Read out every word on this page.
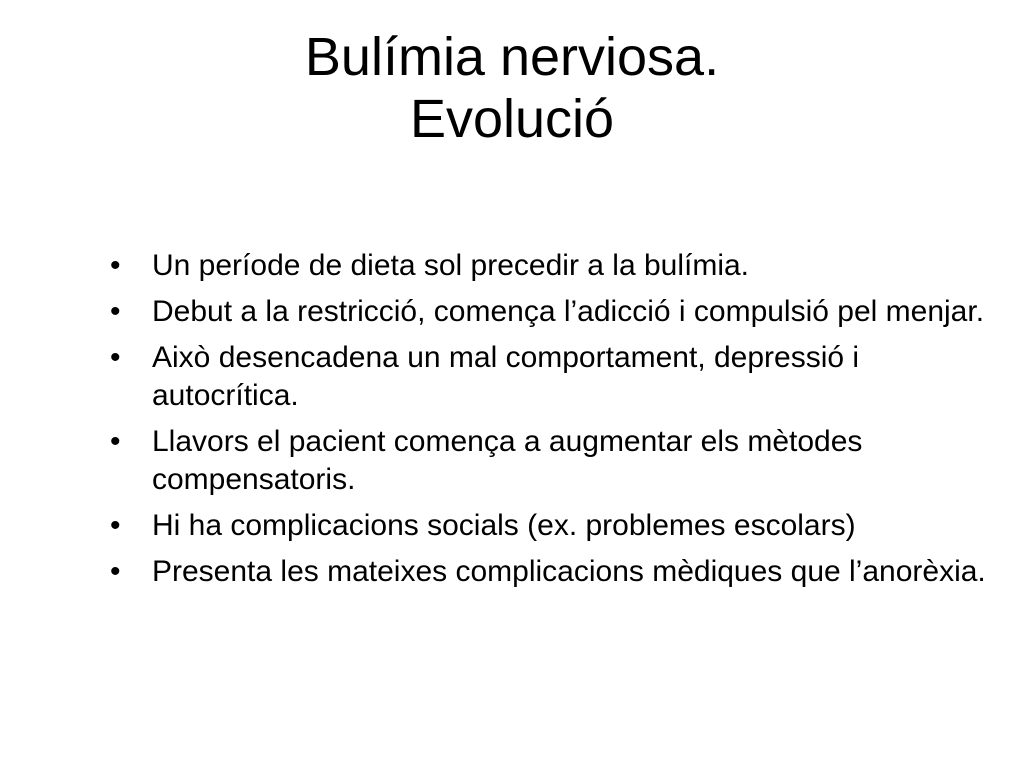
Bulímia nerviosa.
Evolució
•	Un període de dieta sol precedir a la bulímia.
•	Debut a la restricció, comença l’adicció i compulsió pel menjar.
•	Això desencadena un mal comportament, depressió i autocrítica.
•	Llavors el pacient comença a augmentar els mètodes compensatoris.
•	Hi ha complicacions socials (ex. problemes escolars)
•	Presenta les mateixes complicacions mèdiques que l’anorèxia.
